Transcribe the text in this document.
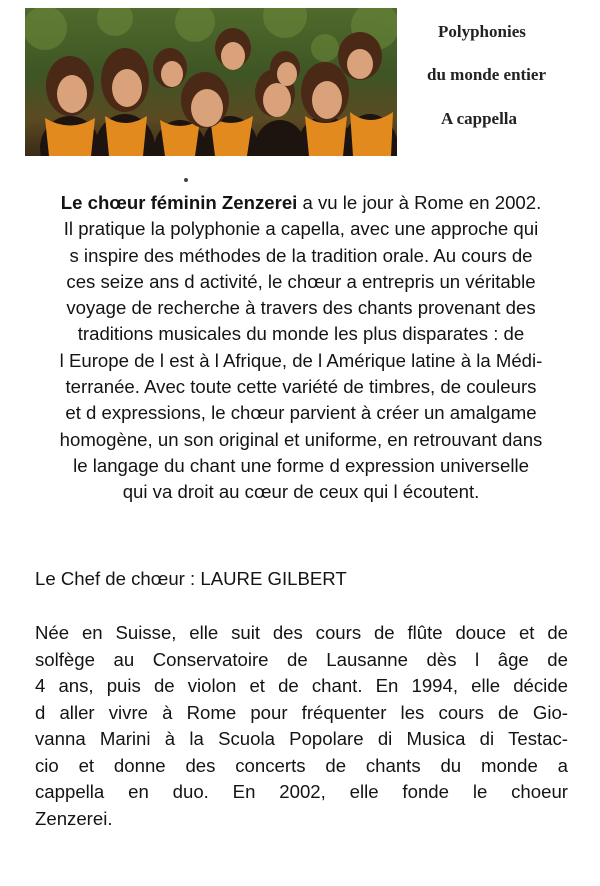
Polyphonies
du monde entier
A cappella
Le chœur féminin Zenzerei a vu le jour à Rome en 2002.
Il pratique la polyphonie a capella, avec une approche qui
s inspire des méthodes de la tradition orale. Au cours de
ces seize ans d activité, le chœur a entrepris un véritable
voyage de recherche à travers des chants provenant des
traditions musicales du monde les plus disparates : de
l Europe de l est à l Afrique, de l Amérique latine à la Médi-
terranée. Avec toute cette variété de timbres, de couleurs
et d expressions, le chœur parvient à créer un amalgame
homogène, un son original et uniforme, en retrouvant dans
le langage du chant une forme d expression universelle
qui va droit au cœur de ceux qui l écoutent.
Le Chef de chœur : LAURE GILBERT
Née en Suisse, elle suit des cours de flûte douce et de
solfège au Conservatoire de Lausanne dès l âge de
4 ans, puis de violon et de chant. En 1994, elle décide
d aller vivre à Rome pour fréquenter les cours de Gio-
vanna Marini à la Scuola Popolare di Musica di Testac-
cio et donne des concerts de chants du monde a
cappella en duo. En 2002, elle fonde le choeur
Zenzerei.
